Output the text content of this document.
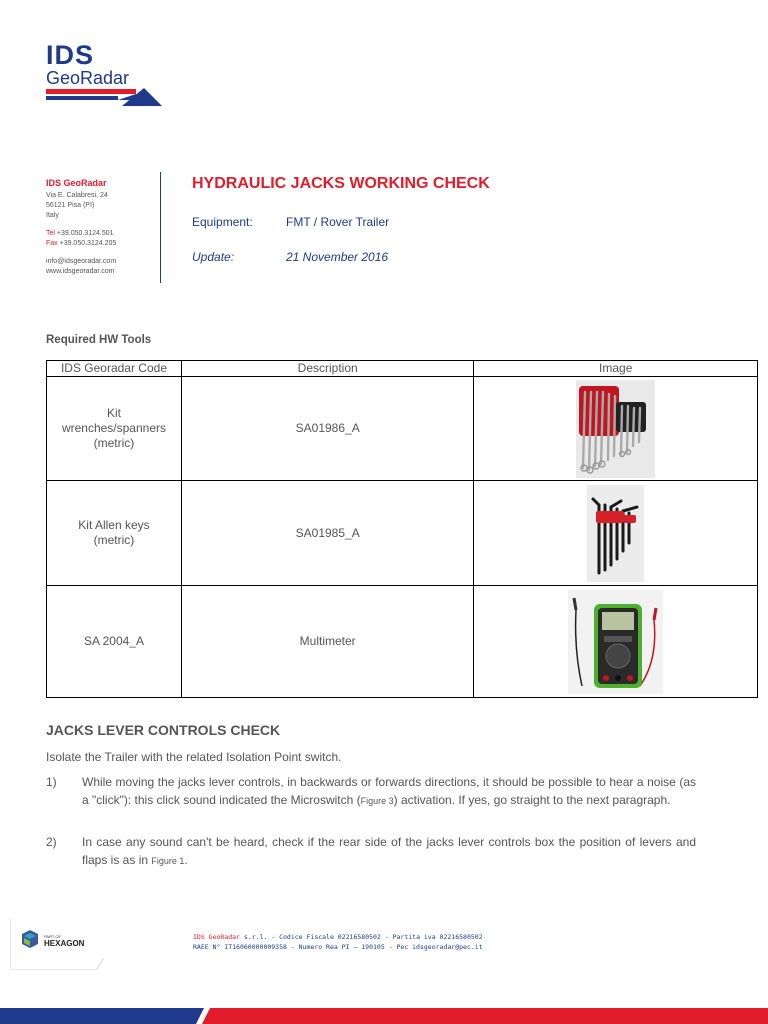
IDS
GeoRadar
IDS GeoRadar
Via E. Calabresi, 24
56121 Pisa (PI)
Italy
Tel +39.050.3124.501
Fax +39.050.3124.205
info@idsgeoradar.com
www.idsgeoradar.com
HYDRAULIC JACKS WORKING CHECK
Equipment:	FMT / Rover Trailer
Update:	21 November 2016
Required HW Tools
IDS Georadar Code	Description	Image

Kit wrenches/spanners (metric)	SA01986_A	

Kit Allen keys (metric)	SA01985_A	

SA 2004_A	Multimeter	
JACKS LEVER CONTROLS CHECK
Isolate the Trailer with the related Isolation Point switch.
1) While moving the jacks lever controls, in backwards or forwards directions, it should be possible to hear a noise (as a "click"): this click sound indicated the Microswitch (Figure 3) activation. If yes, go straight to the next paragraph.
2) In case any sound can't be heard, check if the rear side of the jacks lever controls box the position of levers and flaps is as in Figure 1.
PART OF
HEXAGON
IDS GeoRadar s.r.l. - Codice Fiscale 02216580502 - Partita iva 02216580502
RAEE N° IT16060000009358 - Numero Rea PI – 190105 - Pec idsgeoradar@pec.it
